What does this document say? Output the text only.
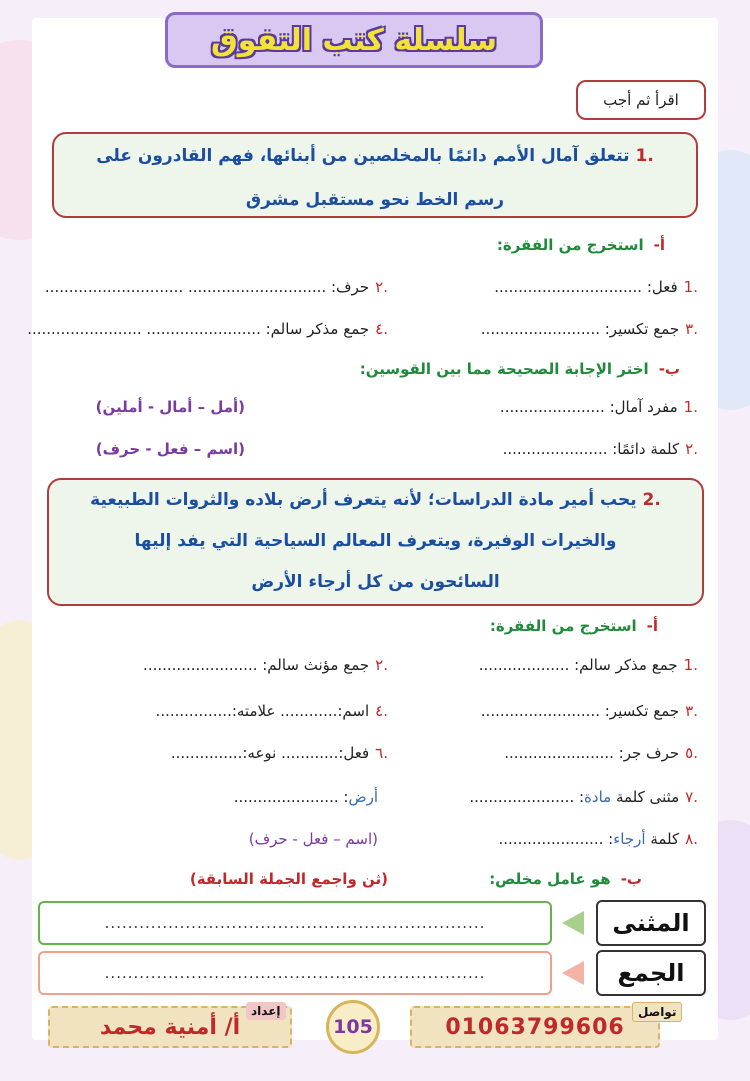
سلسلة كتب التفوق
اقرأ ثم أجب
.1 تتعلق آمال الأمم دائمًا بالمخلصين من أبنائها، فهم القادرون على
رسم الخط نحو مستقبل مشرق
أ-استخرج من الفقرة:
.1فعل: ...............................
.٢حرف: ............................. .............................
.٣جمع تكسير: .........................
.٤جمع مذكر سالم: ........................ ........................
ب-اختر الإجابة الصحيحة مما بين القوسين:
.1مفرد آمال: ......................
(أمل – أمال - أملين)
.٢كلمة دائمًا: ......................
(اسم – فعل - حرف)
.2 يحب أمير مادة الدراسات؛ لأنه يتعرف أرض بلاده والثروات الطبيعية
والخيرات الوفيرة، ويتعرف المعالم السياحية التي يفد إليها
السائحون من كل أرجاء الأرض
أ-استخرج من الفقرة:
.1جمع مذكر سالم: ...................
.٢جمع مؤنث سالم: ........................
.٣جمع تكسير: .........................
.٤اسم:............ علامته:................
.٥حرف جر: .......................
.٦فعل:............ نوعه:...............
.٧مثنى كلمة مادة: ......................
أرض: ......................
.٨كلمة أرجاء: ......................
(اسم – فعل - حرف)
ب-هو عامل مخلص:
(ثن واجمع الجملة السابقة)
المثنى
..................................................................
الجمع
..................................................................
أ/ أمنية محمد
إعداد
105	01063799606
تواصل
